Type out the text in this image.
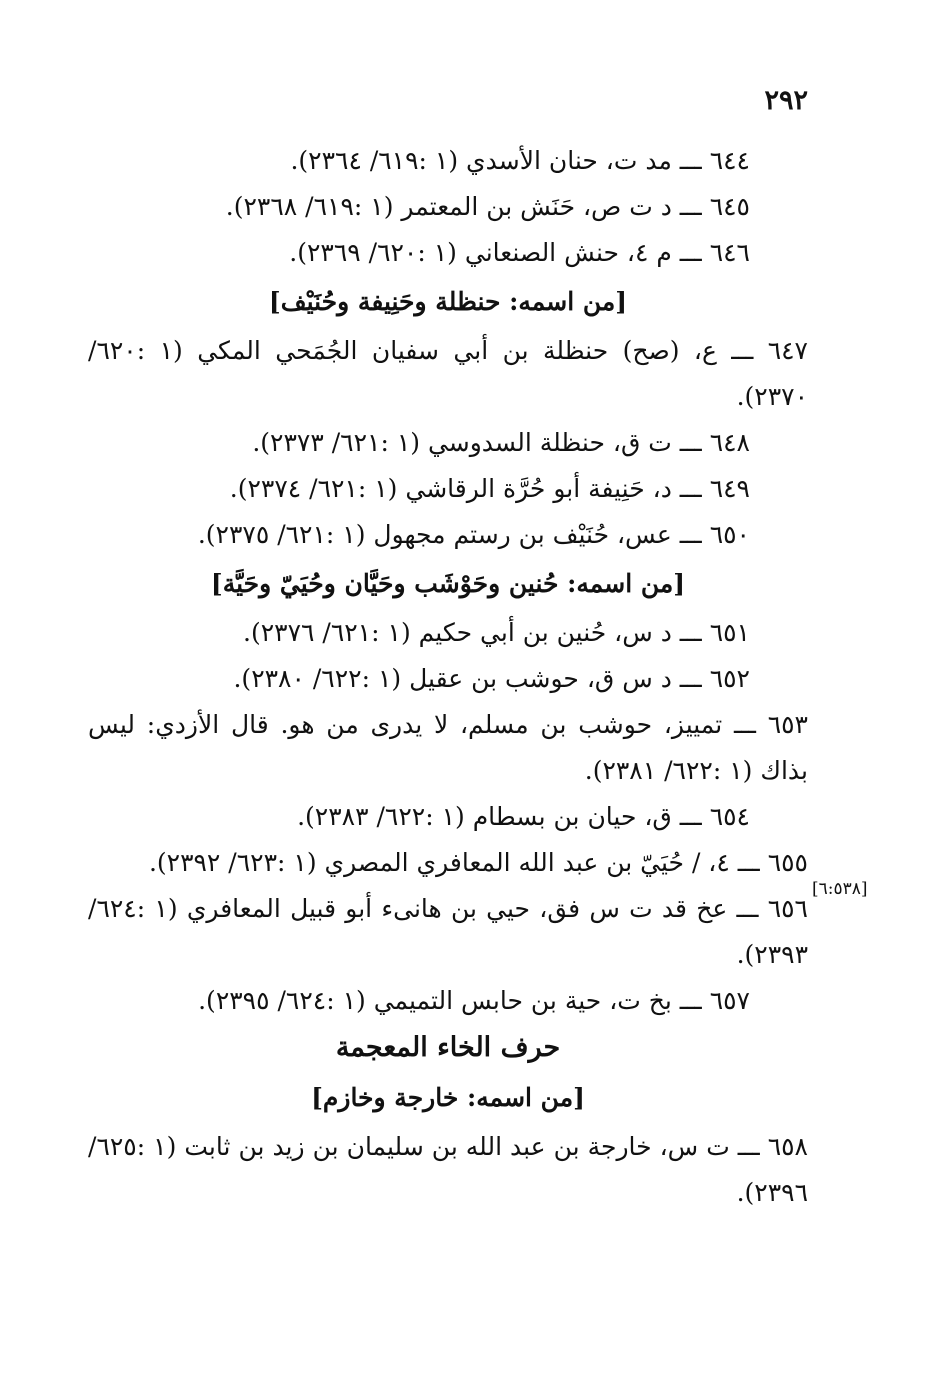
٢٩٢
[٦:٥٣٨]

٦٤٤ ـــ مد ت، حنان الأسدي (١ :٦١٩/ ٢٣٦٤).

٦٤٥ ـــ د ت ص، حَنَش بن المعتمر (١ :٦١٩/ ٢٣٦٨).

٦٤٦ ـــ م ٤، حنش الصنعاني (١ :٦٢٠/ ٢٣٦٩).

[من اسمه: حنظلة وحَنِيفة وحُنَيْف]

٦٤٧ ـــ ع، (صح) حنظلة بن أبي سفيان الجُمَحي المكي (١ :٦٢٠/ ٢٣٧٠).

٦٤٨ ـــ ت ق، حنظلة السدوسي (١ :٦٢١/ ٢٣٧٣).

٦٤٩ ـــ د، حَنِيفة أبو حُرَّة الرقاشي (١ :٦٢١/ ٢٣٧٤).

٦٥٠ ـــ عس، حُنَيْف بن رستم مجهول (١ :٦٢١/ ٢٣٧٥).

[من اسمه: حُنين وحَوْشَب وحَيَّان وحُيَيّ وحَيَّة]

٦٥١ ـــ د س، حُنين بن أبي حكيم (١ :٦٢١/ ٢٣٧٦).

٦٥٢ ـــ د س ق، حوشب بن عقيل (١ :٦٢٢/ ٢٣٨٠).

٦٥٣ ـــ تمييز، حوشب بن مسلم، لا يدرى من هو. قال الأزدي: ليس بذاك (١ :٦٢٢/ ٢٣٨١).

٦٥٤ ـــ ق، حيان بن بسطام (١ :٦٢٢/ ٢٣٨٣).

٦٥٥ ـــ ٤، / حُيَيّ بن عبد الله المعافري المصري (١ :٦٢٣/ ٢٣٩٢).

٦٥٦ ـــ عخ قد ت س فق، حيي بن هانىء أبو قبيل المعافري (١ :٦٢٤/ ٢٣٩٣).

٦٥٧ ـــ بخ ت، حية بن حابس التميمي (١ :٦٢٤/ ٢٣٩٥).

حرف الخاء المعجمة

[من اسمه: خارجة وخازم]

٦٥٨ ـــ ت س، خارجة بن عبد الله بن سليمان بن زيد بن ثابت (١ :٦٢٥/ ٢٣٩٦).
